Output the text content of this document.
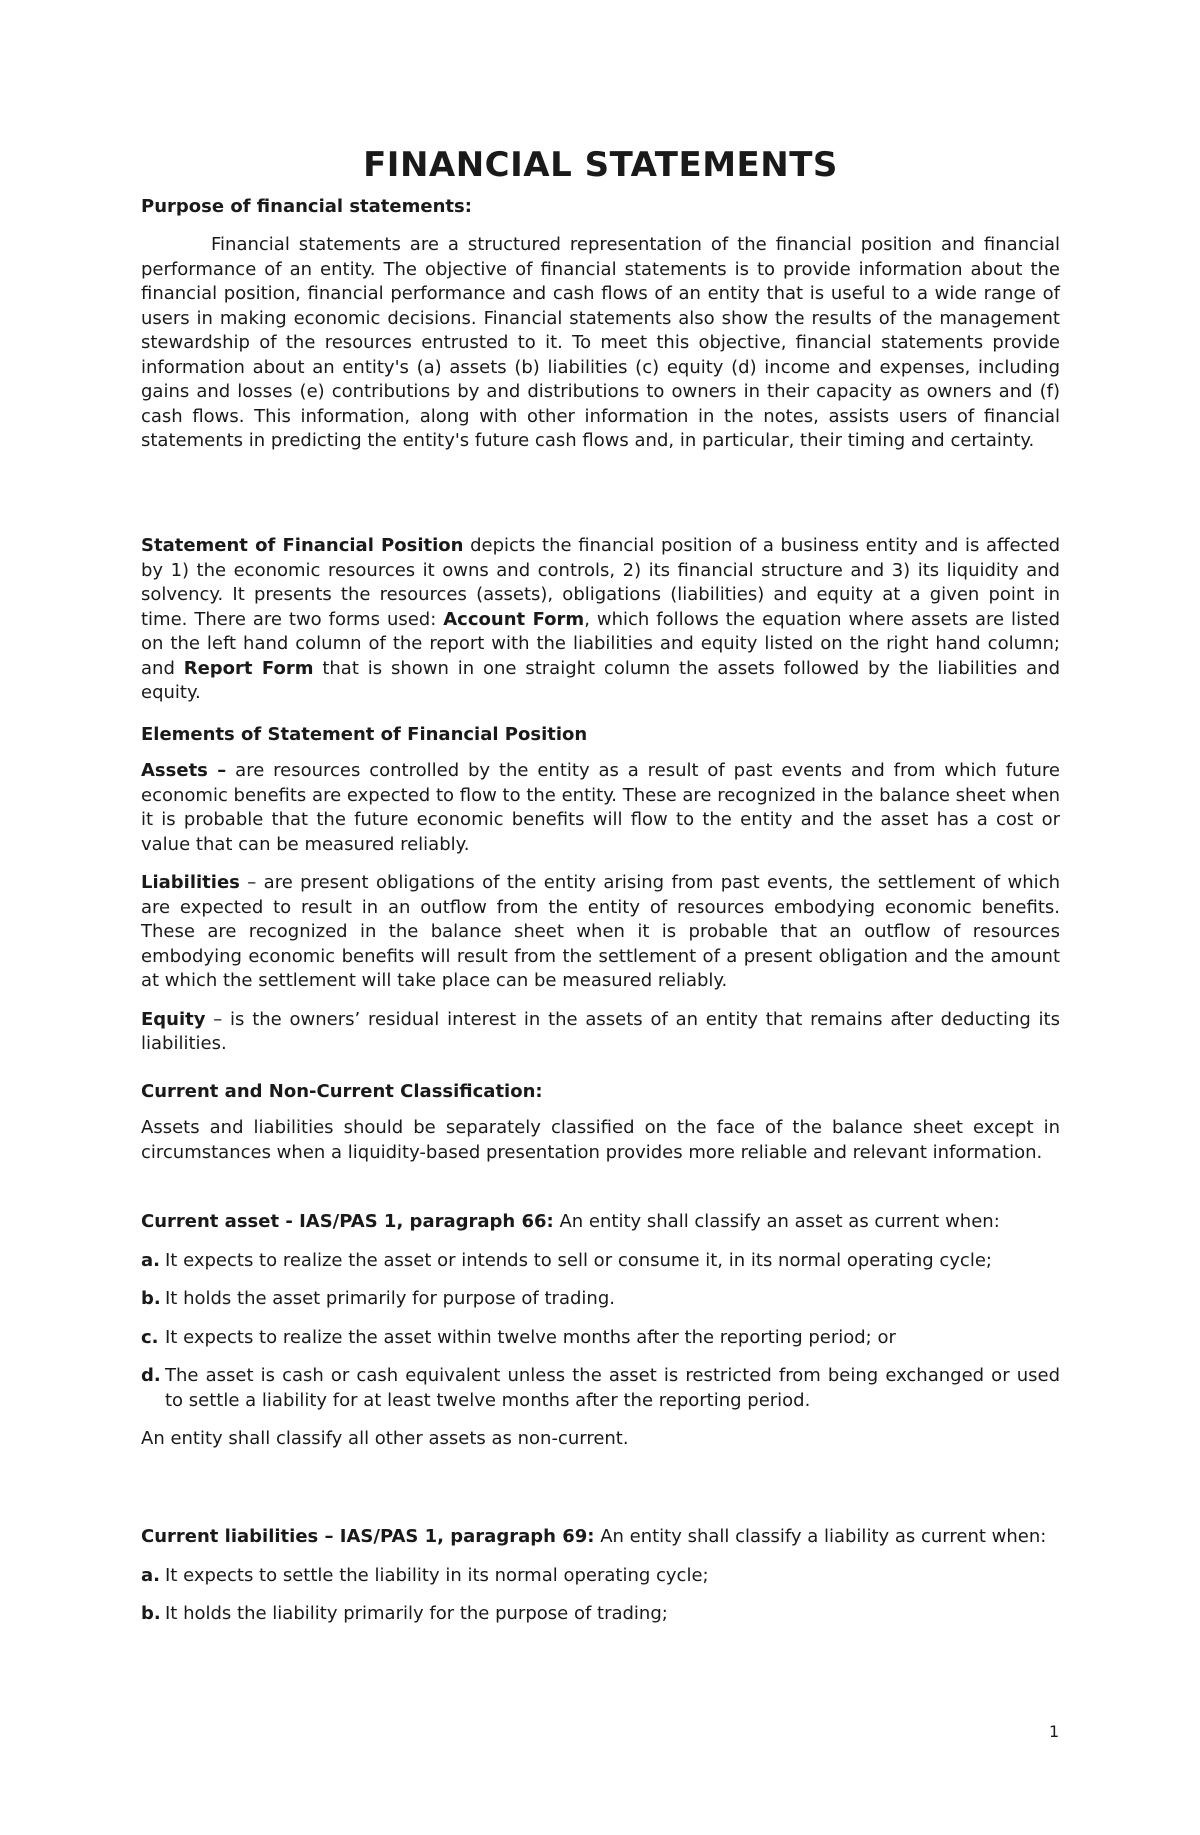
FINANCIAL STATEMENTS

Purpose of financial statements:

Financial statements are a structured representation of the financial position and financial performance of an entity. The objective of financial statements is to provide information about the financial position, financial performance and cash flows of an entity that is useful to a wide range of users in making economic decisions. Financial statements also show the results of the management stewardship of the resources entrusted to it. To meet this objective, financial statements provide information about an entity's (a) assets (b) liabilities (c) equity (d) income and expenses, including gains and losses (e) contributions by and distributions to owners in their capacity as owners and (f) cash flows. This information, along with other information in the notes, assists users of financial statements in predicting the entity's future cash flows and, in particular, their timing and certainty.

Statement of Financial Position depicts the financial position of a business entity and is affected by 1) the economic resources it owns and controls, 2) its financial structure and 3) its liquidity and solvency. It presents the resources (assets), obligations (liabilities) and equity at a given point in time. There are two forms used: Account Form, which follows the equation where assets are listed on the left hand column of the report with the liabilities and equity listed on the right hand column; and Report Form that is shown in one straight column the assets followed by the liabilities and equity.

Elements of Statement of Financial Position

Assets – are resources controlled by the entity as a result of past events and from which future economic benefits are expected to flow to the entity. These are recognized in the balance sheet when it is probable that the future economic benefits will flow to the entity and the asset has a cost or value that can be measured reliably.

Liabilities – are present obligations of the entity arising from past events, the settlement of which are expected to result in an outflow from the entity of resources embodying economic benefits. These are recognized in the balance sheet when it is probable that an outflow of resources embodying economic benefits will result from the settlement of a present obligation and the amount at which the settlement will take place can be measured reliably.

Equity – is the owners’ residual interest in the assets of an entity that remains after deducting its liabilities.

Current and Non-Current Classification:

Assets and liabilities should be separately classified on the face of the balance sheet except in circumstances when a liquidity-based presentation provides more reliable and relevant information.

Current asset - IAS/PAS 1, paragraph 66: An entity shall classify an asset as current when:

a. It expects to realize the asset or intends to sell or consume it, in its normal operating cycle;
b. It holds the asset primarily for purpose of trading.
c. It expects to realize the asset within twelve months after the reporting period; or
d. The asset is cash or cash equivalent unless the asset is restricted from being exchanged or used to settle a liability for at least twelve months after the reporting period.

An entity shall classify all other assets as non-current.

Current liabilities – IAS/PAS 1, paragraph 69: An entity shall classify a liability as current when:

a. It expects to settle the liability in its normal operating cycle;
b. It holds the liability primarily for the purpose of trading;
1
